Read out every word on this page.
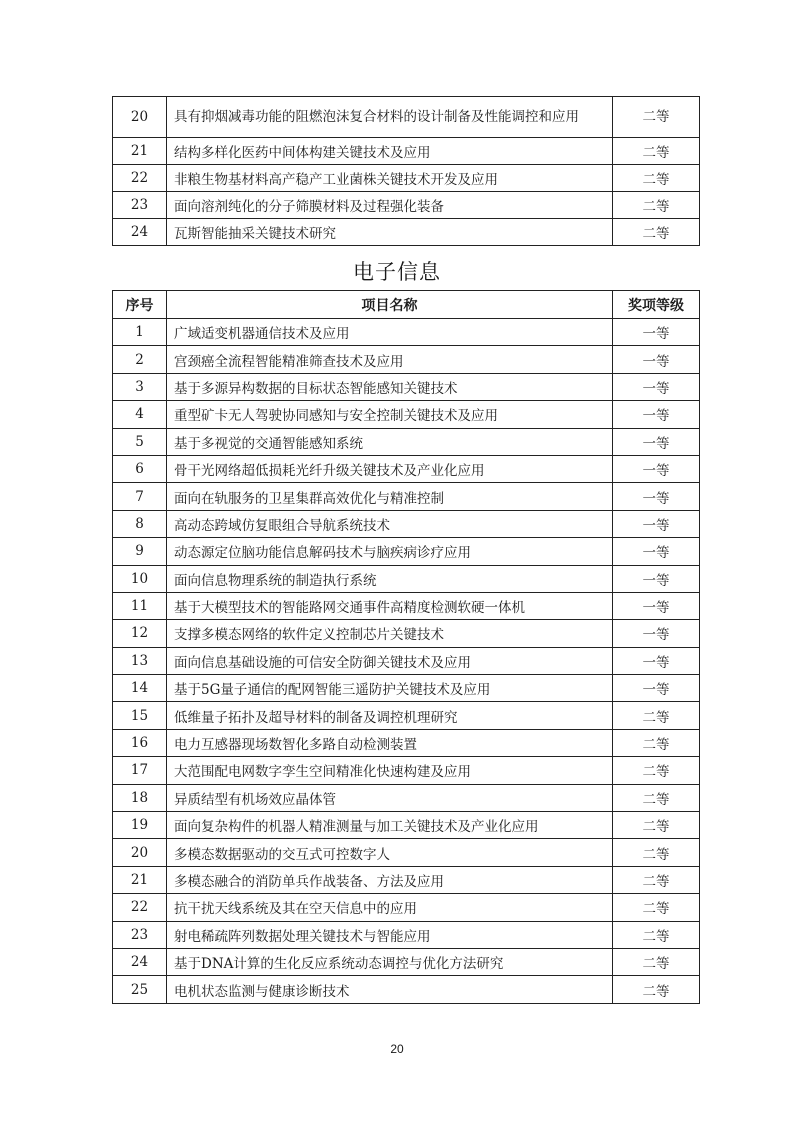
20	具有抑烟减毒功能的阻燃泡沫复合材料的设计制备及性能调控和应用	二等
21	结构多样化医药中间体构建关键技术及应用	二等
22	非粮生物基材料高产稳产工业菌株关键技术开发及应用	二等
23	面向溶剂纯化的分子筛膜材料及过程强化装备	二等
24	瓦斯智能抽采关键技术研究	二等
电子信息
序号	项目名称	奖项等级
1	广域适变机器通信技术及应用	一等
2	宫颈癌全流程智能精准筛查技术及应用	一等
3	基于多源异构数据的目标状态智能感知关键技术	一等
4	重型矿卡无人驾驶协同感知与安全控制关键技术及应用	一等
5	基于多视觉的交通智能感知系统	一等
6	骨干光网络超低损耗光纤升级关键技术及产业化应用	一等
7	面向在轨服务的卫星集群高效优化与精准控制	一等
8	高动态跨域仿复眼组合导航系统技术	一等
9	动态源定位脑功能信息解码技术与脑疾病诊疗应用	一等
10	面向信息物理系统的制造执行系统	一等
11	基于大模型技术的智能路网交通事件高精度检测软硬一体机	一等
12	支撑多模态网络的软件定义控制芯片关键技术	一等
13	面向信息基础设施的可信安全防御关键技术及应用	一等
14	基于5G量子通信的配网智能三遥防护关键技术及应用	一等
15	低维量子拓扑及超导材料的制备及调控机理研究	二等
16	电力互感器现场数智化多路自动检测装置	二等
17	大范围配电网数字孪生空间精准化快速构建及应用	二等
18	异质结型有机场效应晶体管	二等
19	面向复杂构件的机器人精准测量与加工关键技术及产业化应用	二等
20	多模态数据驱动的交互式可控数字人	二等
21	多模态融合的消防单兵作战装备、方法及应用	二等
22	抗干扰天线系统及其在空天信息中的应用	二等
23	射电稀疏阵列数据处理关键技术与智能应用	二等
24	基于DNA计算的生化反应系统动态调控与优化方法研究	二等
25	电机状态监测与健康诊断技术	二等
20
